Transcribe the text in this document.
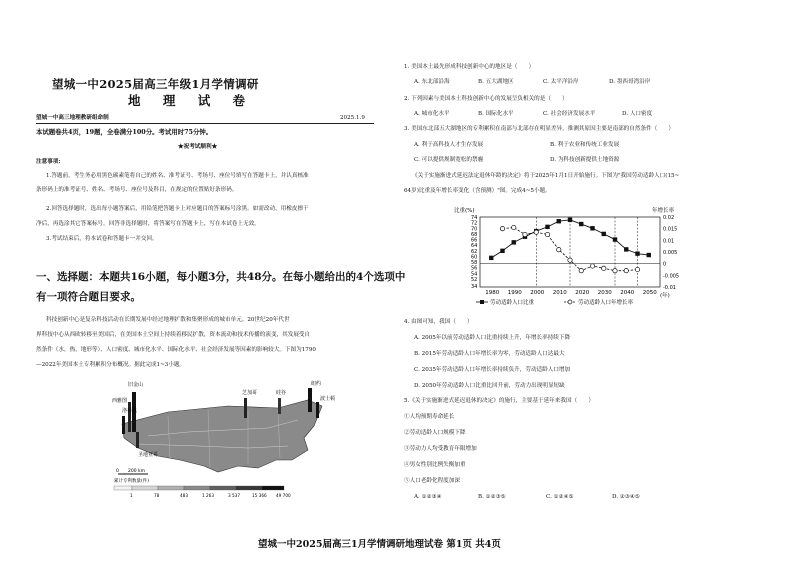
望城一中2025届高三年级1月学情调研
地 理 试 卷
望城一中高三地理教研组命制	2025.1.9
本试题卷共4页，19题，全卷满分100分。考试用时75分钟。
★祝考试顺利★
注意事项:
1.答题前，考生务必用黑色碳素笔将自己的姓名、准考证号、考场号、座位号填写在答题卡上，并认真核准
条形码上的准考证号、姓名、考场号、座位号及科目，在规定的位置贴好条形码。
2.回答选择题时，选出每小题答案后，用铅笔把答题卡上对应题目的答案标号涂黑。如需改动，用橡皮擦干
净后，再选涂其它答案标号。回答非选择题时，将答案写在答题卡上，写在本试卷上无效。
3.考试结束后，将本试卷和答题卡一并交回。
一、选择题：本题共16小题，每小题3分，共48分。在每小题给出的4个选项中
有一项符合题目要求。
科技创新中心是复杂科技活动在长期发展中经过地理扩散和集聚形成的城市单元。20世纪20年代世
界科技中心从西欧转移至美国后，在美国本土空间上持续着移民扩散，资本流动和技术传播的演变，其发展受自
然条件（水，热，地形等）、人口密度、城市化水平、国际化水平、社会经济发展等因素的影响较大。下图为1790
—2022年美国本土专利累积分布概况。据此完成1~3小题。
纽约
波士顿
硅谷
芝加哥
洛杉矶
西雅图
旧金山
圣地亚哥
0 200 km
累计专利数量(件)
1	78	483	1 263	3 537	15 366 49 700
1. 美国本土最先形成科技创新中心的地区是（　　）
A. 东北部沿海	B. 五大湖地区	C. 太平洋沿岸	D. 墨西哥湾沿岸
2. 下列因素与美国本土科技创新中心的发展呈负相关的是（　　）
A. 城市化水平	B. 国际化水平	C. 社会经济发展水平	D. 人口密度
3. 美国东北部五大湖地区的专利累积在南部与北部存在明显差异，推测其原因主要是南部的自然条件（　　）
A. 利于高科技人才生存发展	B. 利于农业和传统工业发展
C. 可以提供规制宽松的禁霾	D. 为科技创新提供土地资源
《关于实施渐进式延迟法定退休年龄的决定》将于2025年1月1日开始施行。下图为"我国劳动适龄人口(15~
64岁)比重及年增长率变化（含预测）"图。完成4~5小题。
比重(%)	年增长率
1980 1990 2000 2010 2020 2030 2040 2050
74
72
70
68
66
64
62
60
58
56
54
52
34
0.02
0.015
0.01
0.005
0
-0.005
-0.01
(年)
劳动适龄人口比重	劳动适龄人口年增长率
4. 由图可知，我国（　　）
A. 2005年以前劳动适龄人口比重持续上升，年增长率持续下降
B. 2015年劳动适龄人口年增长率为零，劳动适龄人口达最大
C. 2035年劳动适龄人口年增长率持续负升，劳动适龄人口增加
D. 2050年劳动适龄人口比重比回升前，劳动力出现明显短缺
5.《关于实施渐进式延迟退休的决定》的施行，主要基于延年来我国（　　）
①人均预期寿命延长
②劳动适龄人口规模下降
③劳动力人均受教育年限增加
④男女性别比例失衡加重
⑤人口老龄化程度加深
A. ①②③④	B. ①②③⑤	C. ①②④⑤	D. ②③④⑤
望城一中2025届高三1月学情调研地理试卷 第1页 共4页
